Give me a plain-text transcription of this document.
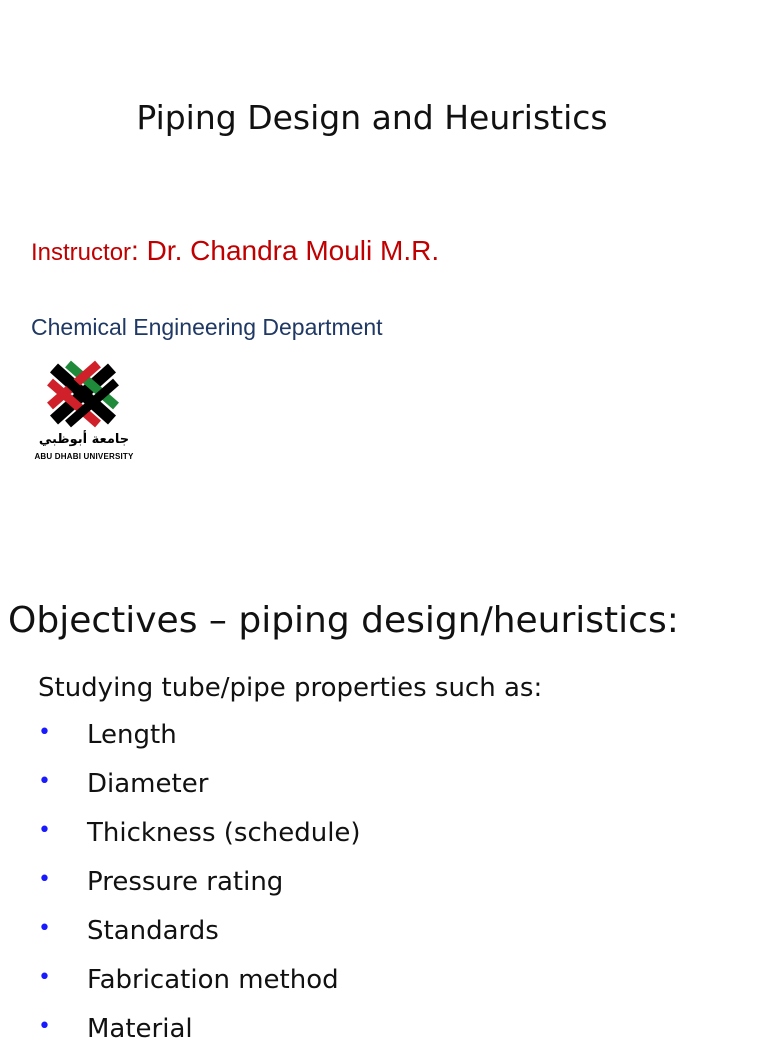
Piping Design and Heuristics
Instructor: Dr. Chandra Mouli M.R.
Chemical Engineering Department
جامعة أبوظبي
ABU DHABI UNIVERSITY
Objectives – piping design/heuristics:
Studying tube/pipe properties such as:
• Length
• Diameter
• Thickness (schedule)
• Pressure rating
• Standards
• Fabrication method
• Material
